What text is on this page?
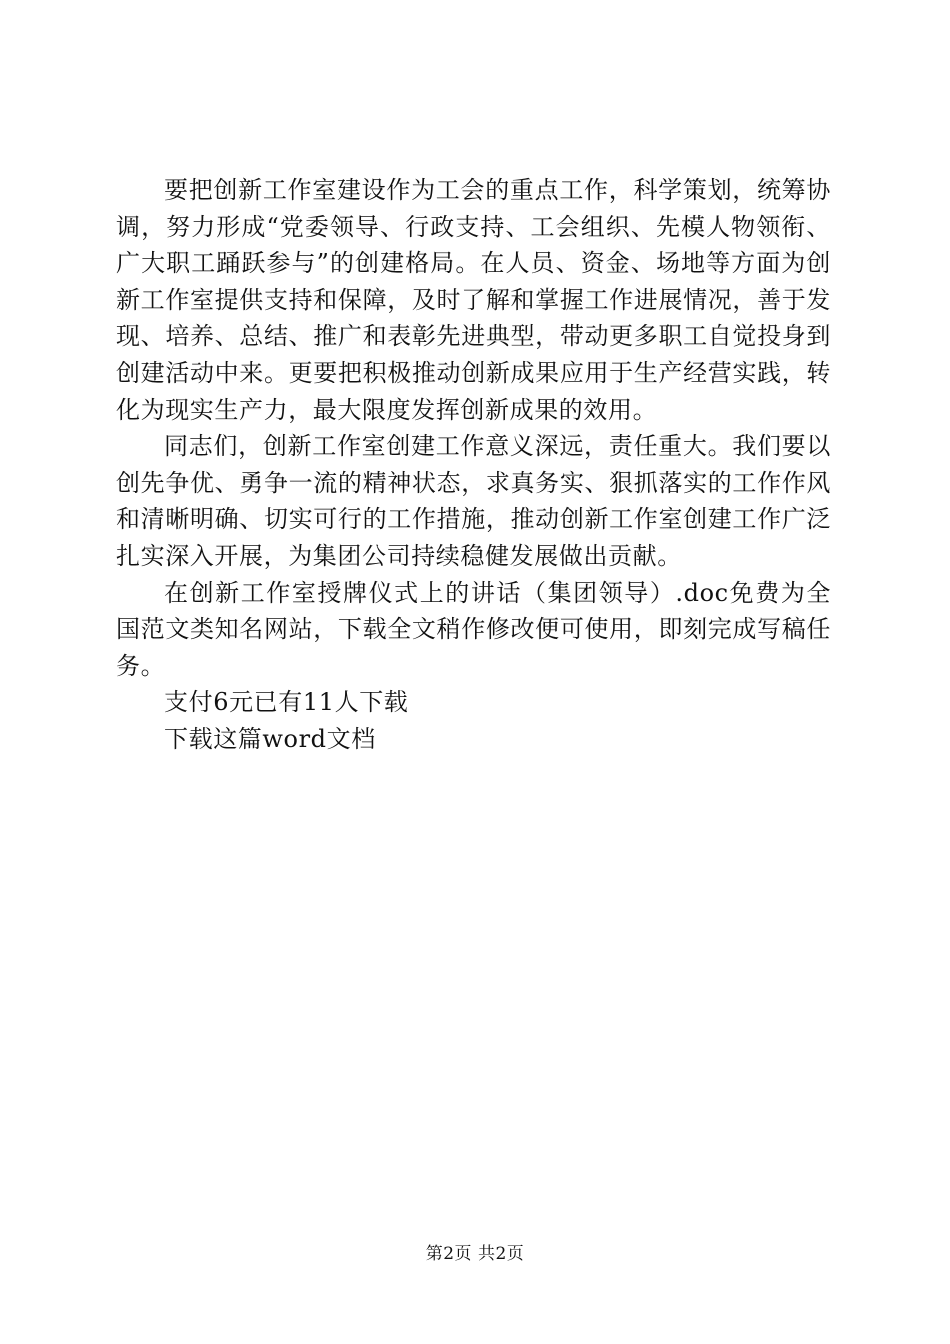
要把创新工作室建设作为工会的重点工作，科学策划，统筹协调，努力形成“党委领导、行政支持、工会组织、先模人物领衔、广大职工踊跃参与”的创建格局。在人员、资金、场地等方面为创新工作室提供支持和保障，及时了解和掌握工作进展情况，善于发现、培养、总结、推广和表彰先进典型，带动更多职工自觉投身到创建活动中来。更要把积极推动创新成果应用于生产经营实践，转化为现实生产力，最大限度发挥创新成果的效用。

同志们，创新工作室创建工作意义深远，责任重大。我们要以创先争优、勇争一流的精神状态，求真务实、狠抓落实的工作作风和清晰明确、切实可行的工作措施，推动创新工作室创建工作广泛扎实深入开展，为集团公司持续稳健发展做出贡献。

在创新工作室授牌仪式上的讲话（集团领导）.doc免费为全国范文类知名网站，下载全文稍作修改便可使用，即刻完成写稿任务。

支付6元已有11人下载

下载这篇word文档

第2页 共2页
